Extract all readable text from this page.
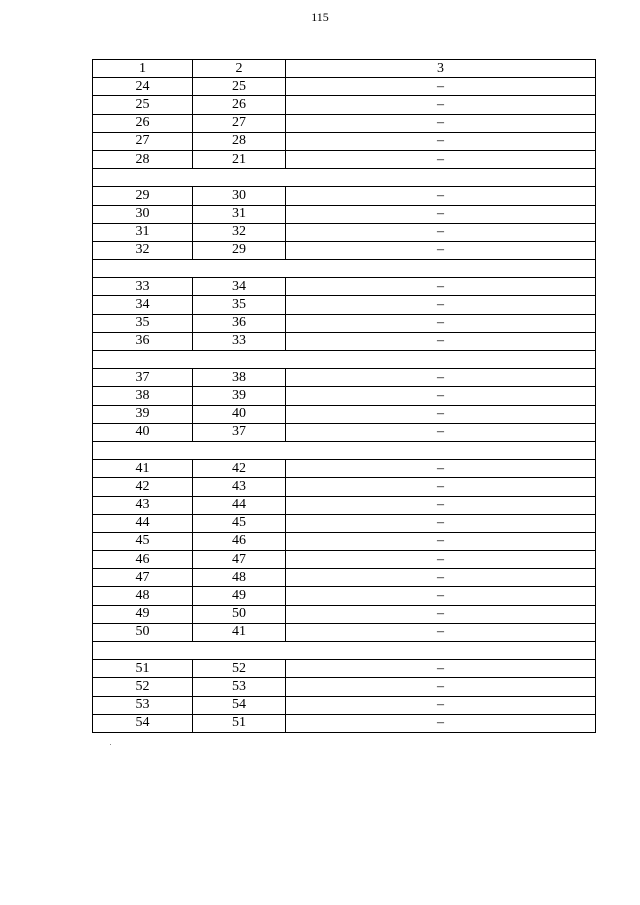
115
1	2	3
24	25	–
25	26	–
26	27	–
27	28	–
28	21	–

29	30	–
30	31	–
31	32	–
32	29	–

33	34	–
34	35	–
35	36	–
36	33	–

37	38	–
38	39	–
39	40	–
40	37	–

41	42	–
42	43	–
43	44	–
44	45	–
45	46	–
46	47	–
47	48	–
48	49	–
49	50	–
50	41	–

51	52	–
52	53	–
53	54	–
54	51	–
